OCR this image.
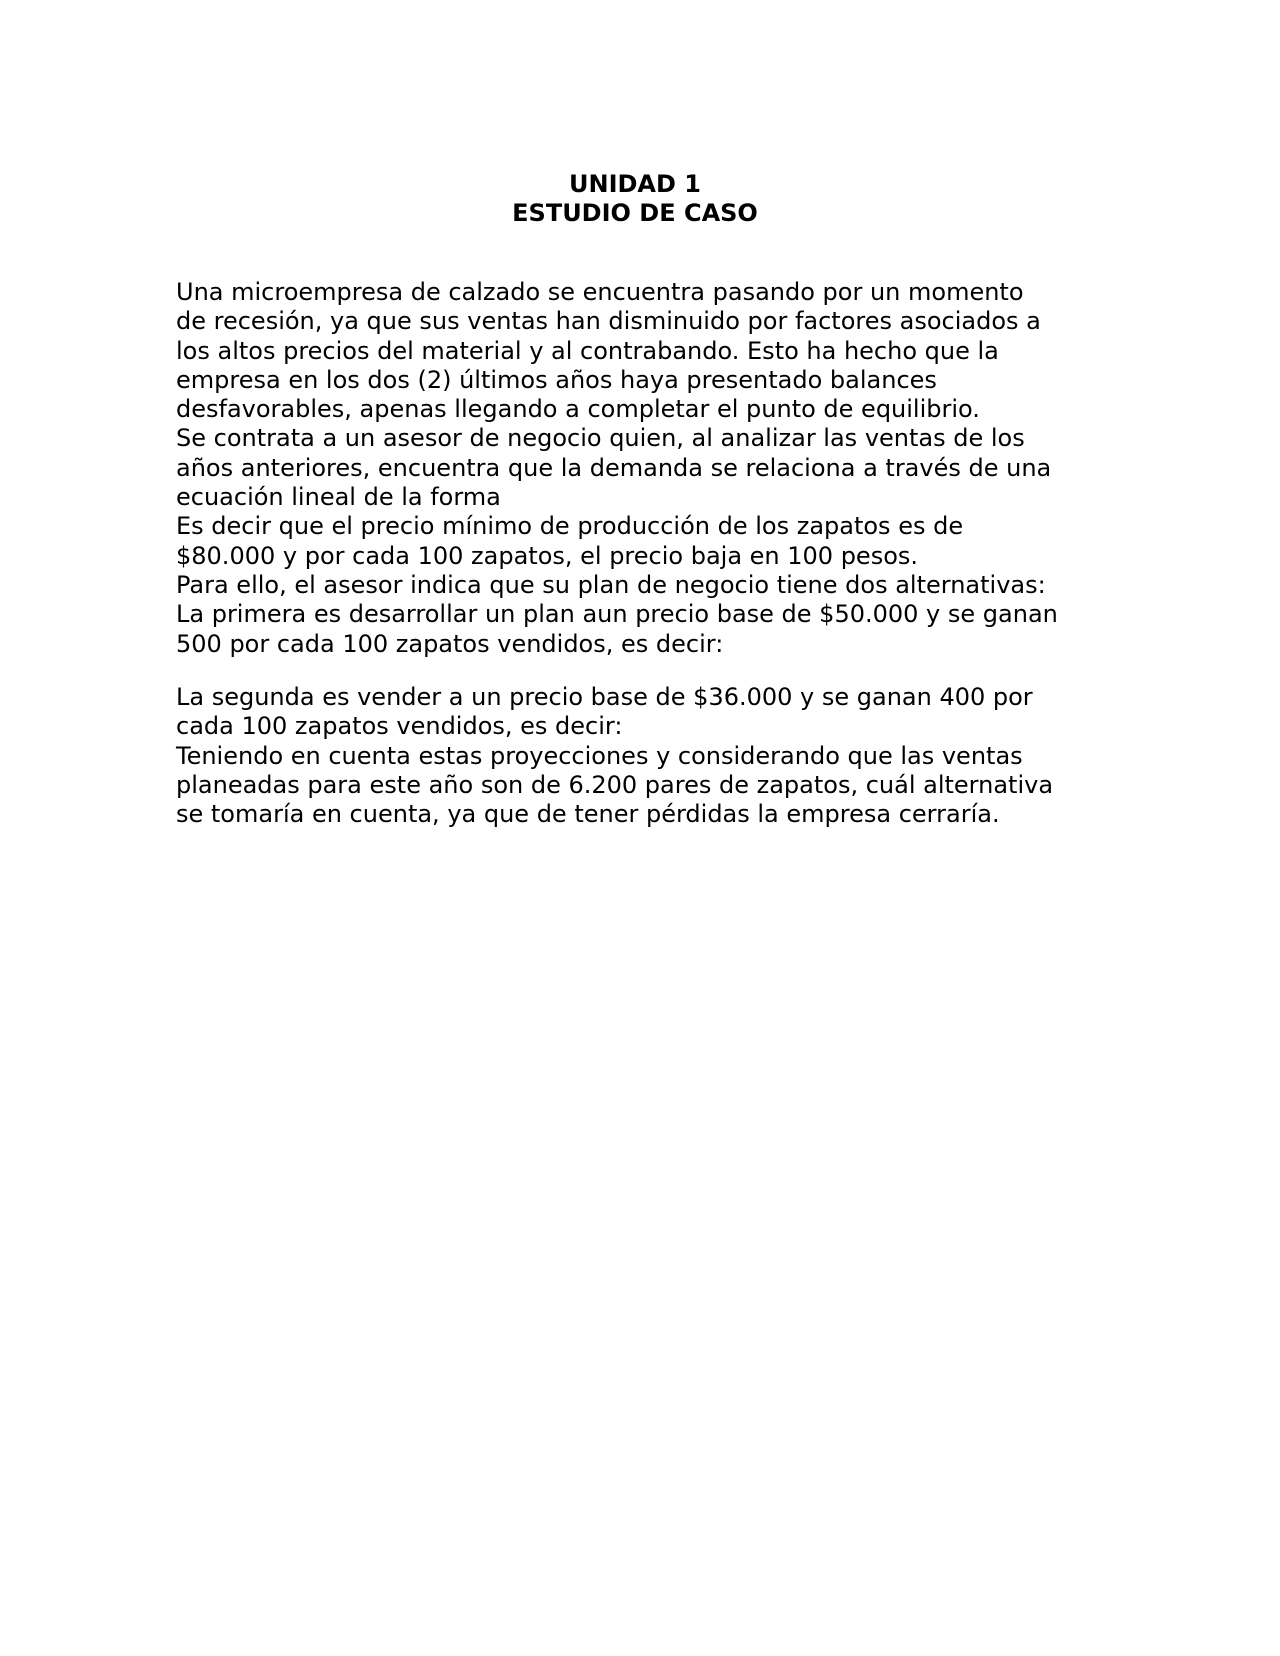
UNIDAD 1
ESTUDIO DE CASO
Una microempresa de calzado se encuentra pasando por un momento
de recesión, ya que sus ventas han disminuido por factores asociados a
los altos precios del material y al contrabando. Esto ha hecho que la
empresa en los dos (2) últimos años haya presentado balances
desfavorables, apenas llegando a completar el punto de equilibrio.
Se contrata a un asesor de negocio quien, al analizar las ventas de los
años anteriores, encuentra que la demanda se relaciona a través de una
ecuación lineal de la forma
Es decir que el precio mínimo de producción de los zapatos es de
$80.000 y por cada 100 zapatos, el precio baja en 100 pesos.
Para ello, el asesor indica que su plan de negocio tiene dos alternativas:
La primera es desarrollar un plan aun precio base de $50.000 y se ganan
500 por cada 100 zapatos vendidos, es decir:
La segunda es vender a un precio base de $36.000 y se ganan 400 por
cada 100 zapatos vendidos, es decir:
Teniendo en cuenta estas proyecciones y considerando que las ventas
planeadas para este año son de 6.200 pares de zapatos, cuál alternativa
se tomaría en cuenta, ya que de tener pérdidas la empresa cerraría.
